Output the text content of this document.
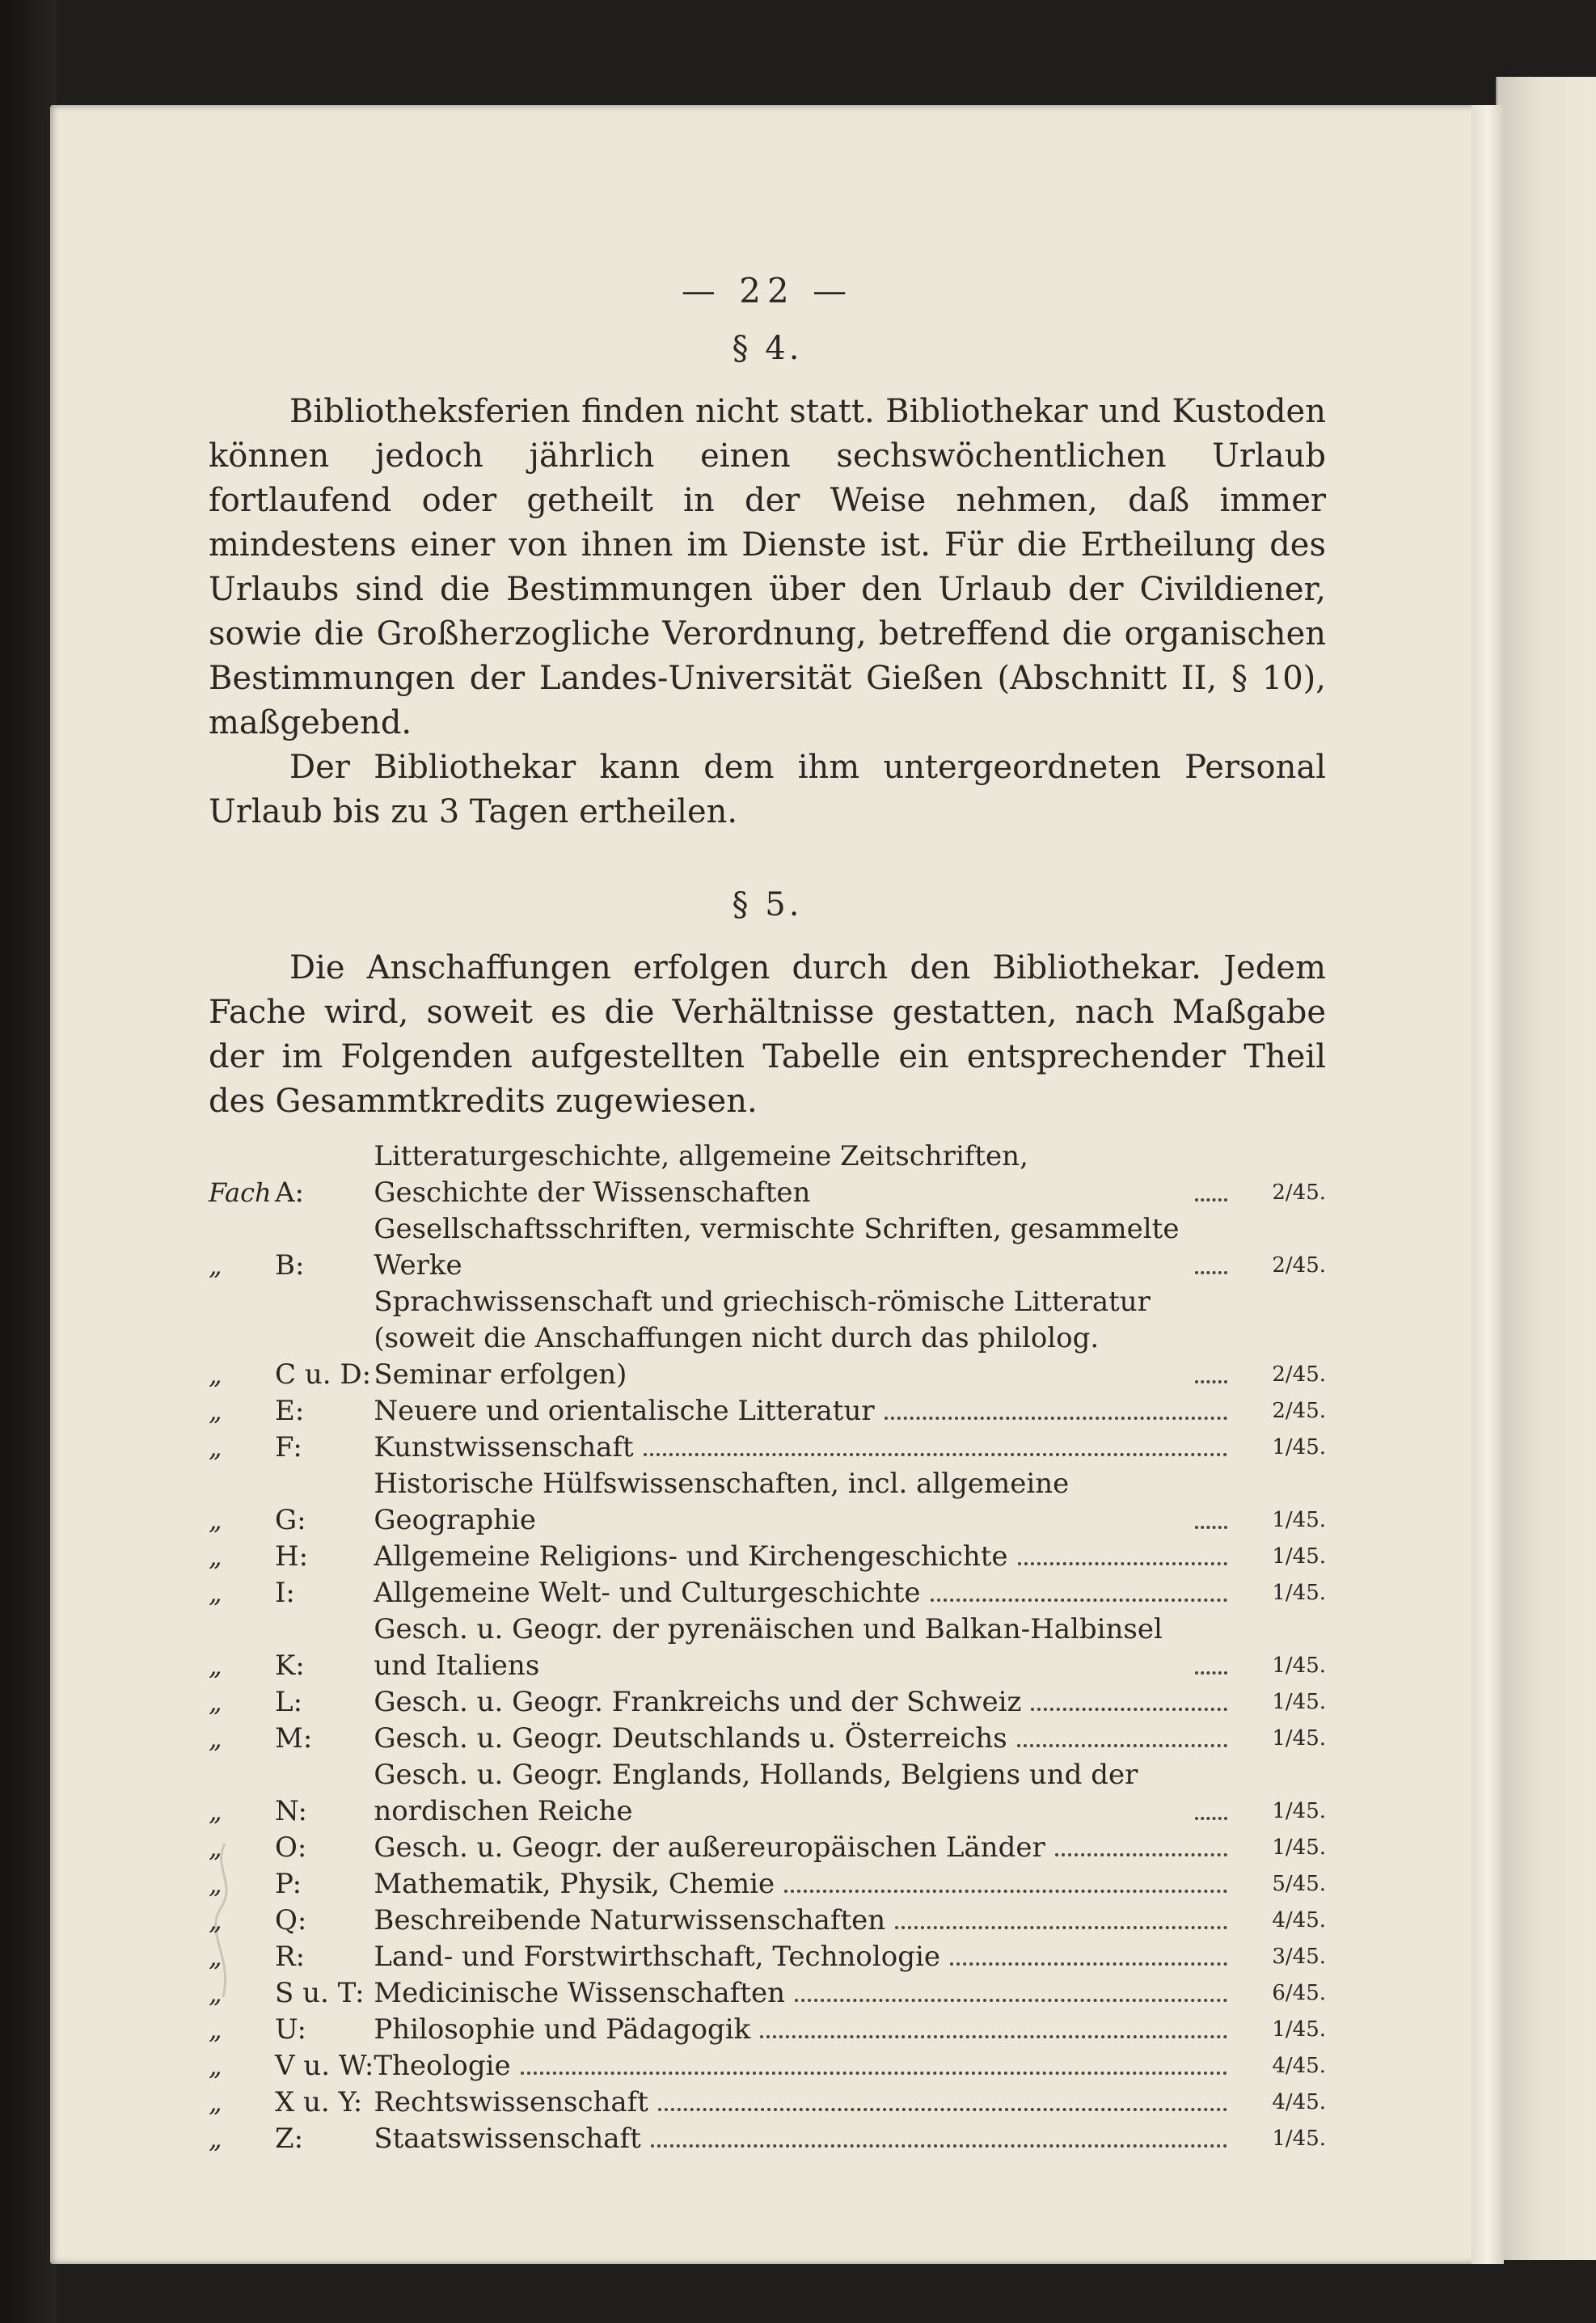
— 22 —
§ 4.

Bibliotheksferien finden nicht statt. Bibliothekar und Kustoden können jedoch jährlich einen sechswöchentlichen Urlaub fortlaufend oder getheilt in der Weise nehmen, daß immer mindestens einer von ihnen im Dienste ist. Für die Ertheilung des Urlaubs sind die Bestimmungen über den Urlaub der Civildiener, sowie die Großherzogliche Verordnung, betreffend die organischen Bestimmungen der Landes-Universität Gießen (Abschnitt II, § 10), maßgebend.

Der Bibliothekar kann dem ihm untergeordneten Personal Urlaub bis zu 3 Tagen ertheilen.

§ 5.

Die Anschaffungen erfolgen durch den Bibliothekar. Jedem Fache wird, soweit es die Verhältnisse gestatten, nach Maßgabe der im Folgenden aufgestellten Tabelle ein entsprechender Theil des Gesammtkredits zugewiesen.

Fach	A:	Litteraturgeschichte, allgemeine Zeitschriften, Geschichte der Wissenschaften	2/45.
„	B:	Gesellschaftsschriften, vermischte Schriften, gesammelte Werke	2/45.
„	C u. D:	Sprachwissenschaft und griechisch-römische Litteratur (soweit die Anschaffungen nicht durch das philolog. Seminar erfolgen)	2/45.
„	E:	Neuere und orientalische Litteratur	2/45.
„	F:	Kunstwissenschaft	1/45.
„	G:	Historische Hülfswissenschaften, incl. allgemeine Geographie	1/45.
„	H:	Allgemeine Religions- und Kirchengeschichte	1/45.
„	I:	Allgemeine Welt- und Culturgeschichte	1/45.
„	K:	Gesch. u. Geogr. der pyrenäischen und Balkan-Halbinsel und Italiens	1/45.
„	L:	Gesch. u. Geogr. Frankreichs und der Schweiz	1/45.
„	M:	Gesch. u. Geogr. Deutschlands u. Österreichs	1/45.
„	N:	Gesch. u. Geogr. Englands, Hollands, Belgiens und der nordischen Reiche	1/45.
„	O:	Gesch. u. Geogr. der außereuropäischen Länder	1/45.
„	P:	Mathematik, Physik, Chemie	5/45.
„	Q:	Beschreibende Naturwissenschaften	4/45.
„	R:	Land- und Forstwirthschaft, Technologie	3/45.
„	S u. T:	Medicinische Wissenschaften	6/45.
„	U:	Philosophie und Pädagogik	1/45.
„	V u. W:	Theologie	4/45.
„	X u. Y:	Rechtswissenschaft	4/45.
„	Z:	Staatswissenschaft	1/45.
